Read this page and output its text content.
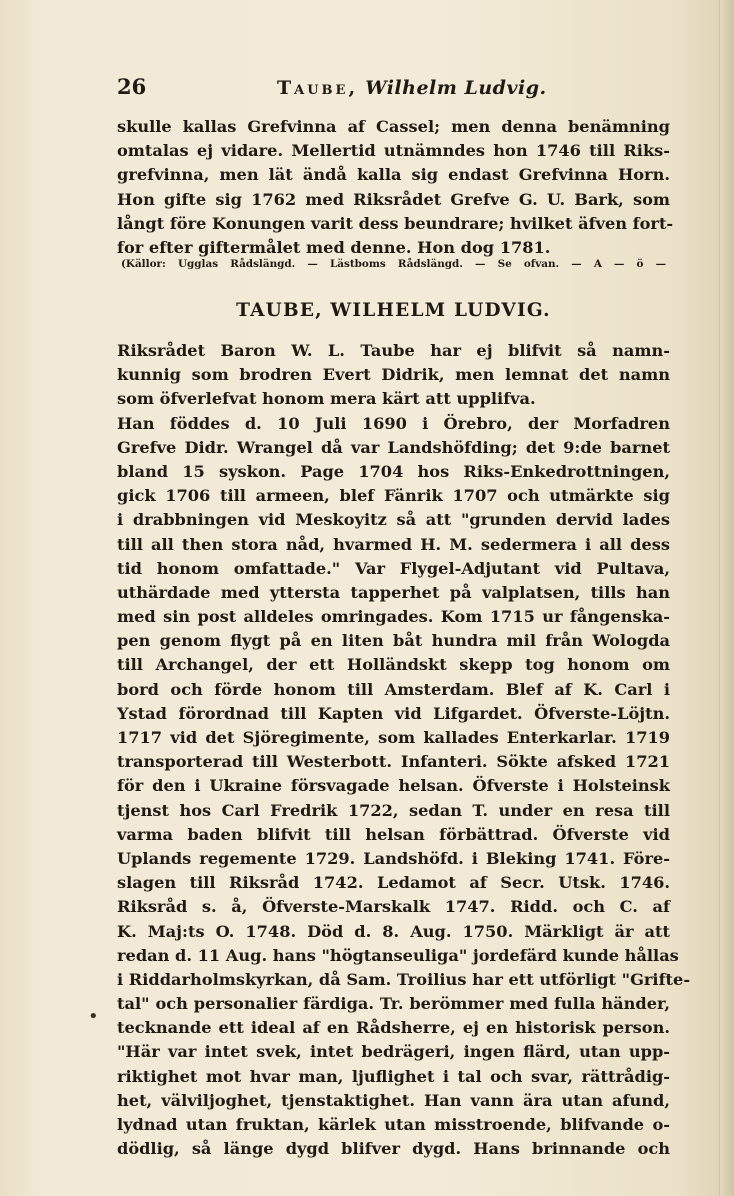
26	Taube, Wilhelm Ludvig.
skulle kallas Grefvinna af Cassel; men denna benämning
omtalas ej vidare. Mellertid utnämndes hon 1746 till Riks-
grefvinna, men lät ändå kalla sig endast Grefvinna Horn.
Hon gifte sig 1762 med Riksrådet Grefve G. U. Bark, som
långt före Konungen varit dess beundrare; hvilket äfven fort-
for efter giftermålet med denne. Hon dog 1781.
(Källor: Ugglas Rådslängd. — Lästboms Rådslängd. — Se ofvan. — A — ö —
TAUBE, WILHELM LUDVIG.
Riksrådet Baron W. L. Taube har ej blifvit så namn-
kunnig som brodren Evert Didrik, men lemnat det namn
som öfverlefvat honom mera kärt att upplifva.
Han föddes d. 10 Juli 1690 i Örebro, der Morfadren
Grefve Didr. Wrangel då var Landshöfding; det 9:de barnet
bland 15 syskon. Page 1704 hos Riks-Enkedrottningen,
gick 1706 till armeen, blef Fänrik 1707 och utmärkte sig
i drabbningen vid Meskoyitz så att "grunden dervid lades
till all then stora nåd, hvarmed H. M. sedermera i all dess
tid honom omfattade." Var Flygel-Adjutant vid Pultava,
uthärdade med yttersta tapperhet på valplatsen, tills han
med sin post alldeles omringades. Kom 1715 ur fångenska-
pen genom flygt på en liten båt hundra mil från Wologda
till Archangel, der ett Holländskt skepp tog honom om
bord och förde honom till Amsterdam. Blef af K. Carl i
Ystad förordnad till Kapten vid Lifgardet. Öfverste-Löjtn.
1717 vid det Sjöregimente, som kallades Enterkarlar. 1719
transporterad till Westerbott. Infanteri. Sökte afsked 1721
för den i Ukraine försvagade helsan. Öfverste i Holsteinsk
tjenst hos Carl Fredrik 1722, sedan T. under en resa till
varma baden blifvit till helsan förbättrad. Öfverste vid
Uplands regemente 1729. Landshöfd. i Bleking 1741. Före-
slagen till Riksråd 1742. Ledamot af Secr. Utsk. 1746.
Riksråd s. å, Öfverste-Marskalk 1747. Ridd. och C. af
K. Maj:ts O. 1748. Död d. 8. Aug. 1750. Märkligt är att
redan d. 11 Aug. hans "högtanseuliga" jordefärd kunde hållas
i Riddarholmskyrkan, då Sam. Troilius har ett utförligt "Grifte-
tal" och personalier färdiga. Tr. berömmer med fulla händer,
tecknande ett ideal af en Rådsherre, ej en historisk person.
"Här var intet svek, intet bedrägeri, ingen flärd, utan upp-
riktighet mot hvar man, ljuflighet i tal och svar, rättrådig-
het, välviljoghet, tjenstaktighet. Han vann ära utan afund,
lydnad utan fruktan, kärlek utan misstroende, blifvande o-
dödlig, så länge dygd blifver dygd. Hans brinnande och
•
